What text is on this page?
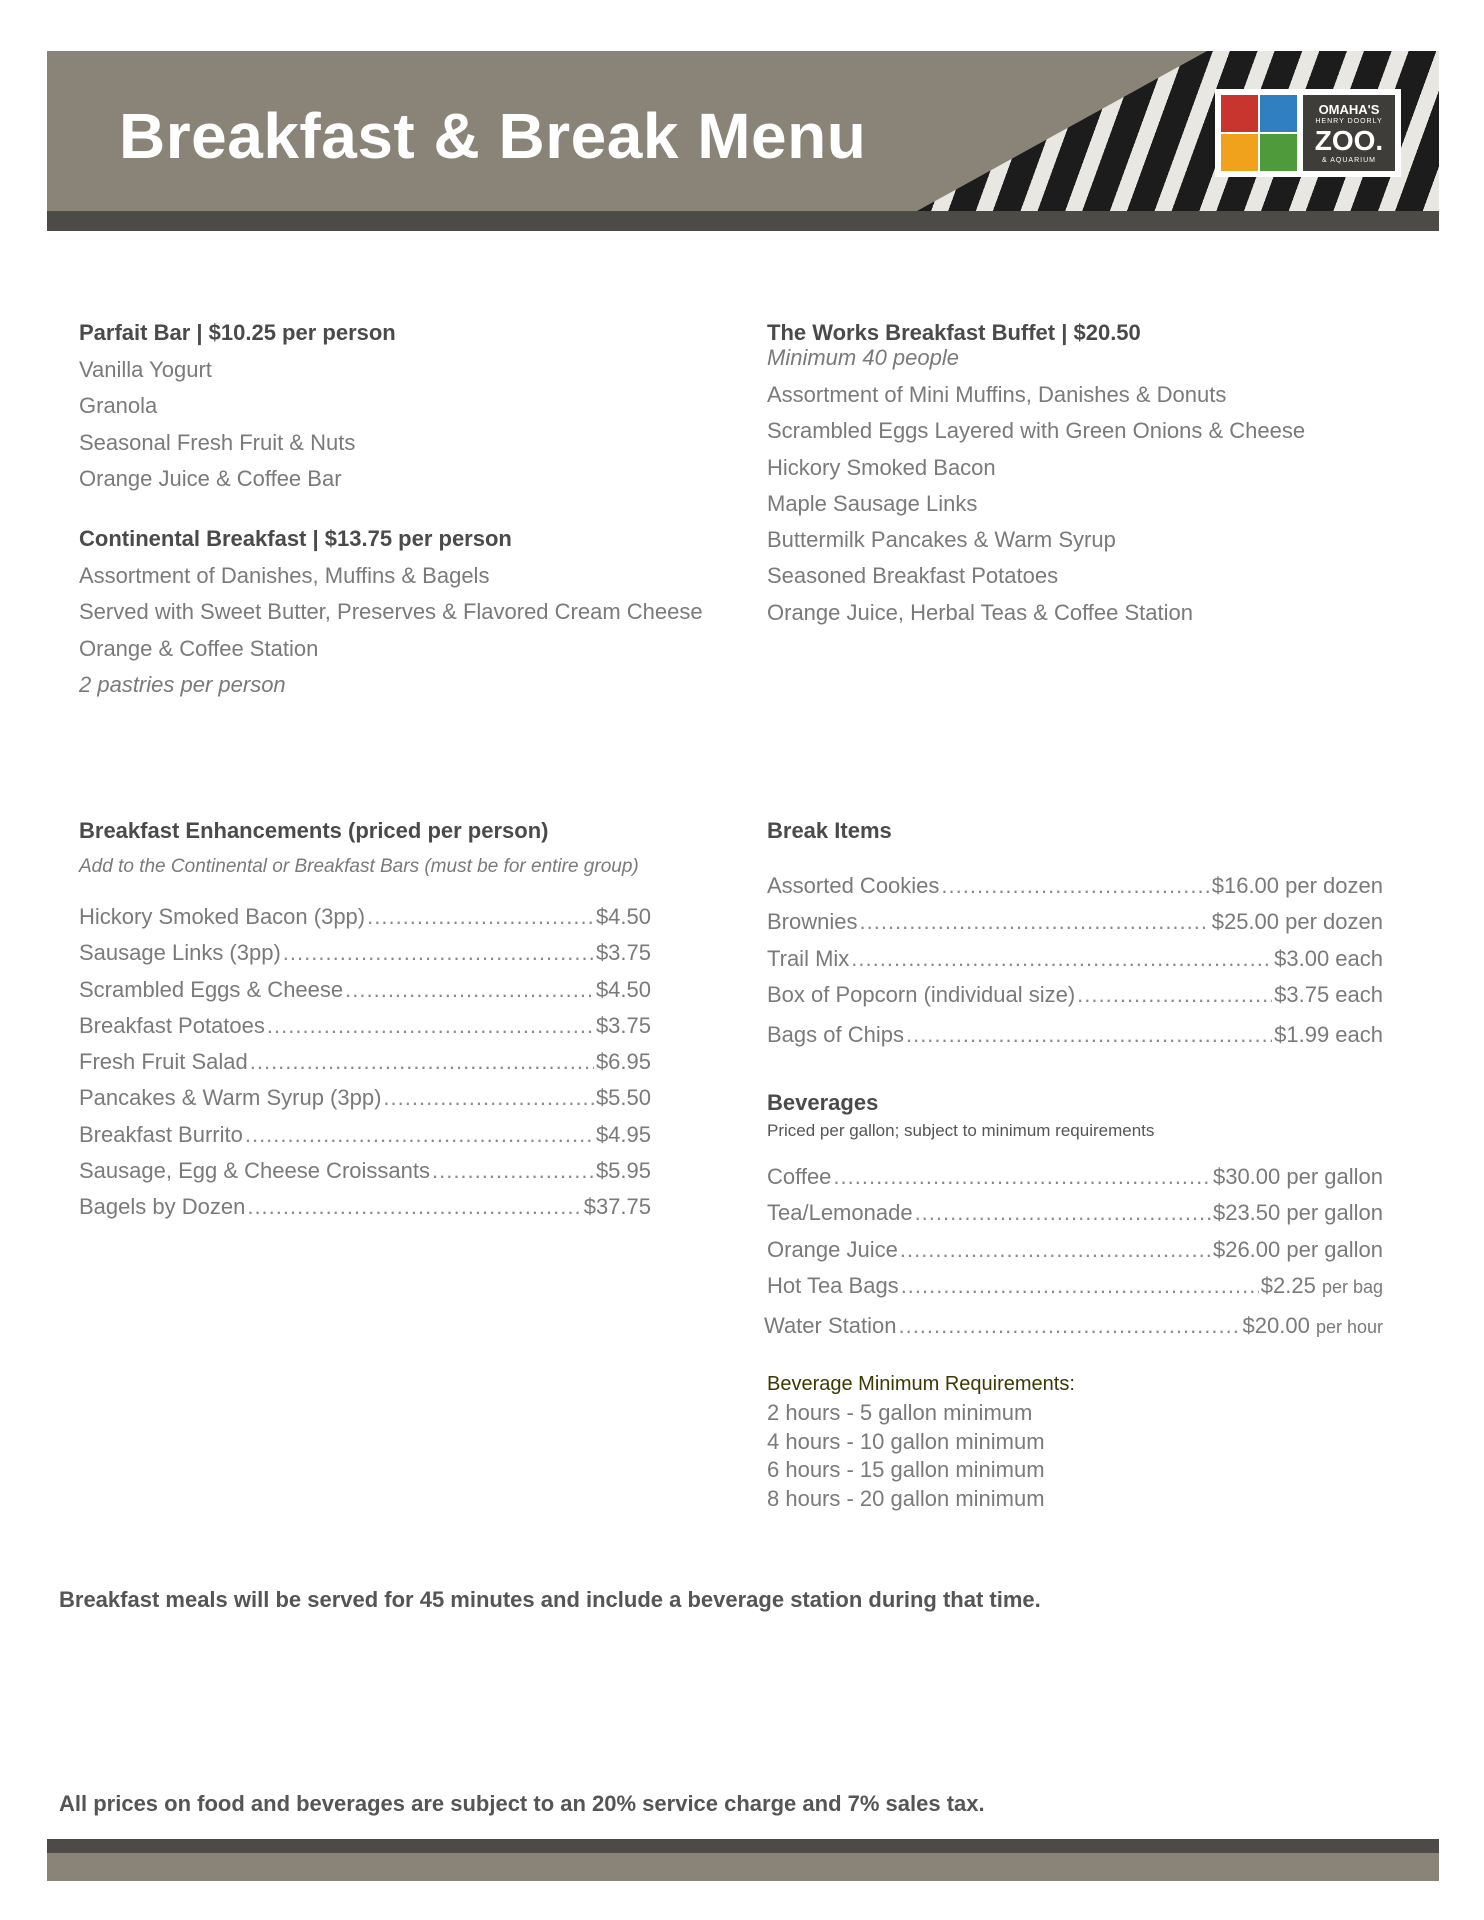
Breakfast & Break Menu	OMAHA'S
HENRY DOORLY
ZOO.
& AQUARIUM
Parfait Bar | $10.25 per person
Vanilla Yogurt
Granola
Seasonal Fresh Fruit & Nuts
Orange Juice & Coffee Bar
Continental Breakfast | $13.75 per person
Assortment of Danishes, Muffins & Bagels
Served with Sweet Butter, Preserves & Flavored Cream Cheese
Orange & Coffee Station
2 pastries per person
The Works Breakfast Buffet | $20.50
Minimum 40 people
Assortment of Mini Muffins, Danishes & Donuts
Scrambled Eggs Layered with Green Onions & Cheese
Hickory Smoked Bacon
Maple Sausage Links
Buttermilk Pancakes & Warm Syrup
Seasoned Breakfast Potatoes
Orange Juice, Herbal Teas & Coffee Station
Breakfast Enhancements (priced per person)
Add to the Continental or Breakfast Bars (must be for entire group)
Hickory Smoked Bacon (3pp) .....	$4.50
Sausage Links (3pp) .....	$3.75
Scrambled Eggs & Cheese .....	$4.50
Breakfast Potatoes .....	$3.75
Fresh Fruit Salad .....	$6.95
Pancakes & Warm Syrup (3pp) .....	$5.50
Breakfast Burrito .....	$4.95
Sausage, Egg & Cheese Croissants .....	$5.95
Bagels by Dozen .....	$37.75
Break Items
Assorted Cookies .....	$16.00 per dozen
Brownies .....	$25.00 per dozen
Trail Mix .....	$3.00 each
Box of Popcorn (individual size) .....	$3.75 each
Bags of Chips .....	$1.99 each
Beverages
Priced per gallon; subject to minimum requirements
Coffee .....	$30.00 per gallon
Tea/Lemonade .....	$23.50 per gallon
Orange Juice .....	$26.00 per gallon
Hot Tea Bags .....	$2.25 per bag
Water Station .....	$20.00 per hour
Beverage Minimum Requirements:
2 hours - 5 gallon minimum
4 hours - 10 gallon minimum
6 hours - 15 gallon minimum
8 hours - 20 gallon minimum
Breakfast meals will be served for 45 minutes and include a beverage station during that time.
All prices on food and beverages are subject to an 20% service charge and 7% sales tax.
